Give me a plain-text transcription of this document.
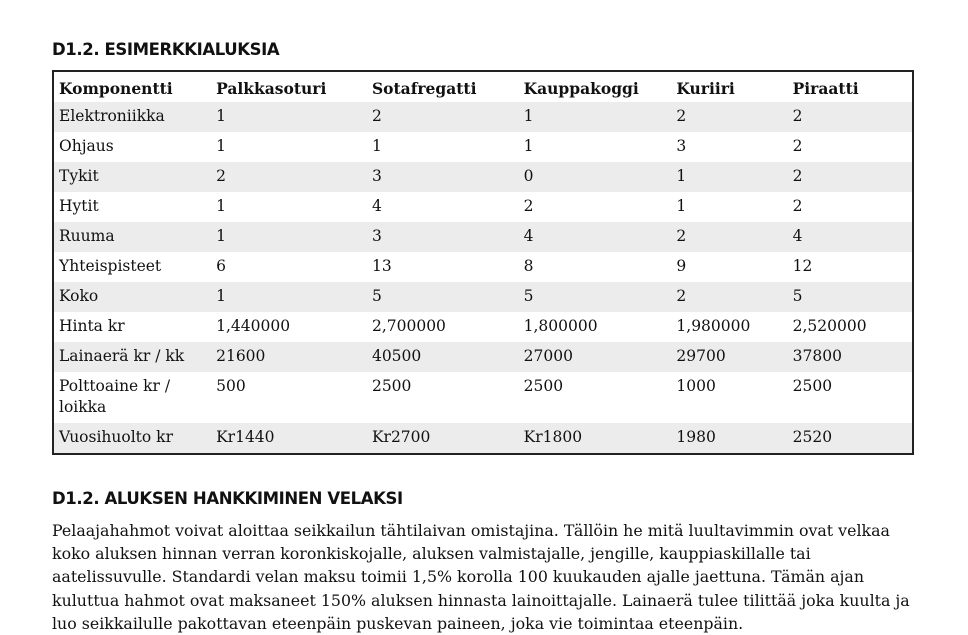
D1.2. ESIMERKKIALUKSIA
Komponentti	Palkkasoturi	Sotafregatti	Kauppakoggi	Kuriiri	Piraatti
Elektroniikka	1	2	1	2	2
Ohjaus	1	1	1	3	2
Tykit	2	3	0	1	2
Hytit	1	4	2	1	2
Ruuma	1	3	4	2	4
Yhteispisteet	6	13	8	9	12
Koko	1	5	5	2	5
Hinta kr	1,440000	2,700000	1,800000	1,980000	2,520000
Lainaerä kr / kk	21600	40500	27000	29700	37800
Polttoaine kr / loikka	500	2500	2500	1000	2500
Vuosihuolto kr	Kr1440	Kr2700	Kr1800	1980	2520
D1.2. ALUKSEN HANKKIMINEN VELAKSI

Pelaajahahmot voivat aloittaa seikkailun tähtilaivan omistajina. Tällöin he mitä luultavimmin ovat velkaa koko aluksen hinnan verran koronkiskojalle, aluksen valmistajalle, jengille, kauppiaskillalle tai aatelissuvulle. Standardi velan maksu toimii 1,5% korolla 100 kuukauden ajalle jaettuna. Tämän ajan kuluttua hahmot ovat maksaneet 150% aluksen hinnasta lainoittajalle. Lainaerä tulee tilittää joka kuulta ja luo seikkailulle pakottavan eteenpäin puskevan paineen, joka vie toimintaa eteenpäin.
